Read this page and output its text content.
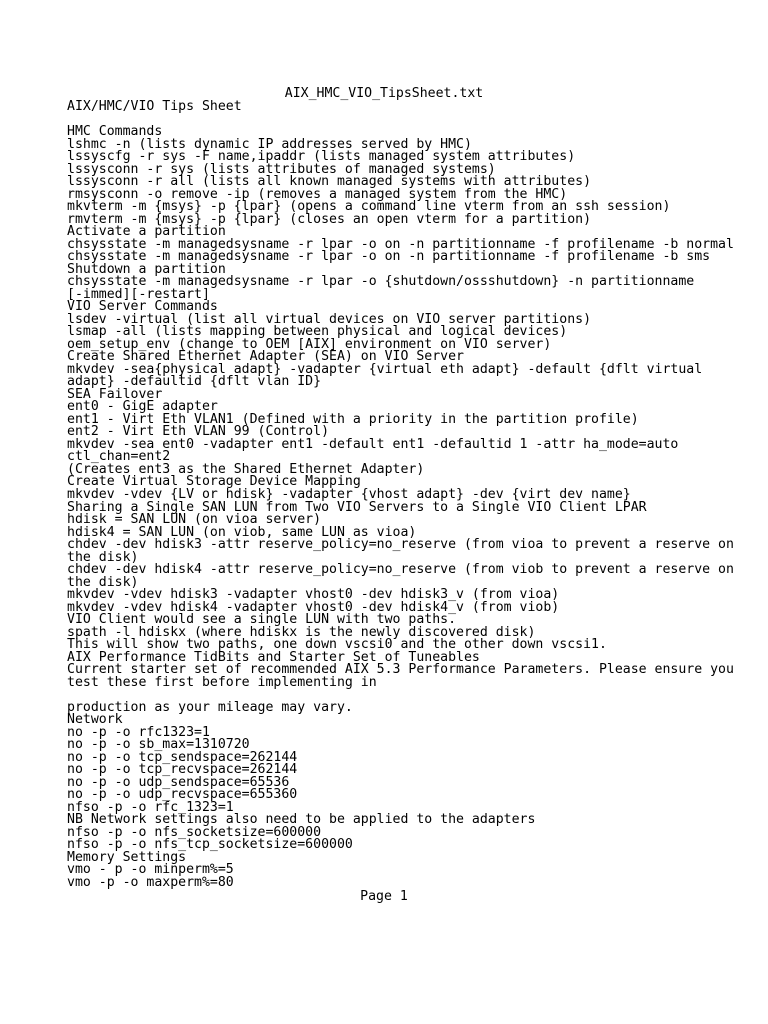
AIX_HMC_VIO_TipsSheet.txt
AIX/HMC/VIO Tips Sheet
HMC Commands
lshmc -n (lists dynamic IP addresses served by HMC)
lssyscfg -r sys -F name,ipaddr (lists managed system attributes)
lssysconn -r sys (lists attributes of managed systems)
lssysconn -r all (lists all known managed systems with attributes)
rmsysconn -o remove -ip (removes a managed system from the HMC)
mkvterm -m {msys} -p {lpar} (opens a command line vterm from an ssh session)
rmvterm -m {msys} -p {lpar} (closes an open vterm for a partition)
Activate a partition
chsysstate -m managedsysname -r lpar -o on -n partitionname -f profilename -b normal
chsysstate -m managedsysname -r lpar -o on -n partitionname -f profilename -b sms
Shutdown a partition
chsysstate -m managedsysname -r lpar -o {shutdown/ossshutdown} -n partitionname
[-immed][-restart]
VIO Server Commands
lsdev -virtual (list all virtual devices on VIO server partitions)
lsmap -all (lists mapping between physical and logical devices)
oem_setup_env (change to OEM [AIX] environment on VIO server)
Create Shared Ethernet Adapter (SEA) on VIO Server
mkvdev -sea{physical adapt} -vadapter {virtual eth adapt} -default {dflt virtual
adapt} -defaultid {dflt vlan ID}
SEA Failover
ent0 - GigE adapter
ent1 - Virt Eth VLAN1 (Defined with a priority in the partition profile)
ent2 - Virt Eth VLAN 99 (Control)
mkvdev -sea ent0 -vadapter ent1 -default ent1 -defaultid 1 -attr ha_mode=auto
ctl_chan=ent2
(Creates ent3 as the Shared Ethernet Adapter)
Create Virtual Storage Device Mapping
mkvdev -vdev {LV or hdisk} -vadapter {vhost adapt} -dev {virt dev name}
Sharing a Single SAN LUN from Two VIO Servers to a Single VIO Client LPAR
hdisk = SAN LUN (on vioa server)
hdisk4 = SAN LUN (on viob, same LUN as vioa)
chdev -dev hdisk3 -attr reserve_policy=no_reserve (from vioa to prevent a reserve on
the disk)
chdev -dev hdisk4 -attr reserve_policy=no_reserve (from viob to prevent a reserve on
the disk)
mkvdev -vdev hdisk3 -vadapter vhost0 -dev hdisk3_v (from vioa)
mkvdev -vdev hdisk4 -vadapter vhost0 -dev hdisk4_v (from viob)
VIO Client would see a single LUN with two paths.
spath -l hdiskx (where hdiskx is the newly discovered disk)
This will show two paths, one down vscsi0 and the other down vscsi1.
AIX Performance TidBits and Starter Set of Tuneables
Current starter set of recommended AIX 5.3 Performance Parameters. Please ensure you
test these first before implementing in
production as your mileage may vary.
Network
no -p -o rfc1323=1
no -p -o sb_max=1310720
no -p -o tcp_sendspace=262144
no -p -o tcp_recvspace=262144
no -p -o udp_sendspace=65536
no -p -o udp_recvspace=655360
nfso -p -o rfc_1323=1
NB Network settings also need to be applied to the adapters
nfso -p -o nfs_socketsize=600000
nfso -p -o nfs_tcp_socketsize=600000
Memory Settings
vmo - p -o minperm%=5
vmo -p -o maxperm%=80
Page 1
